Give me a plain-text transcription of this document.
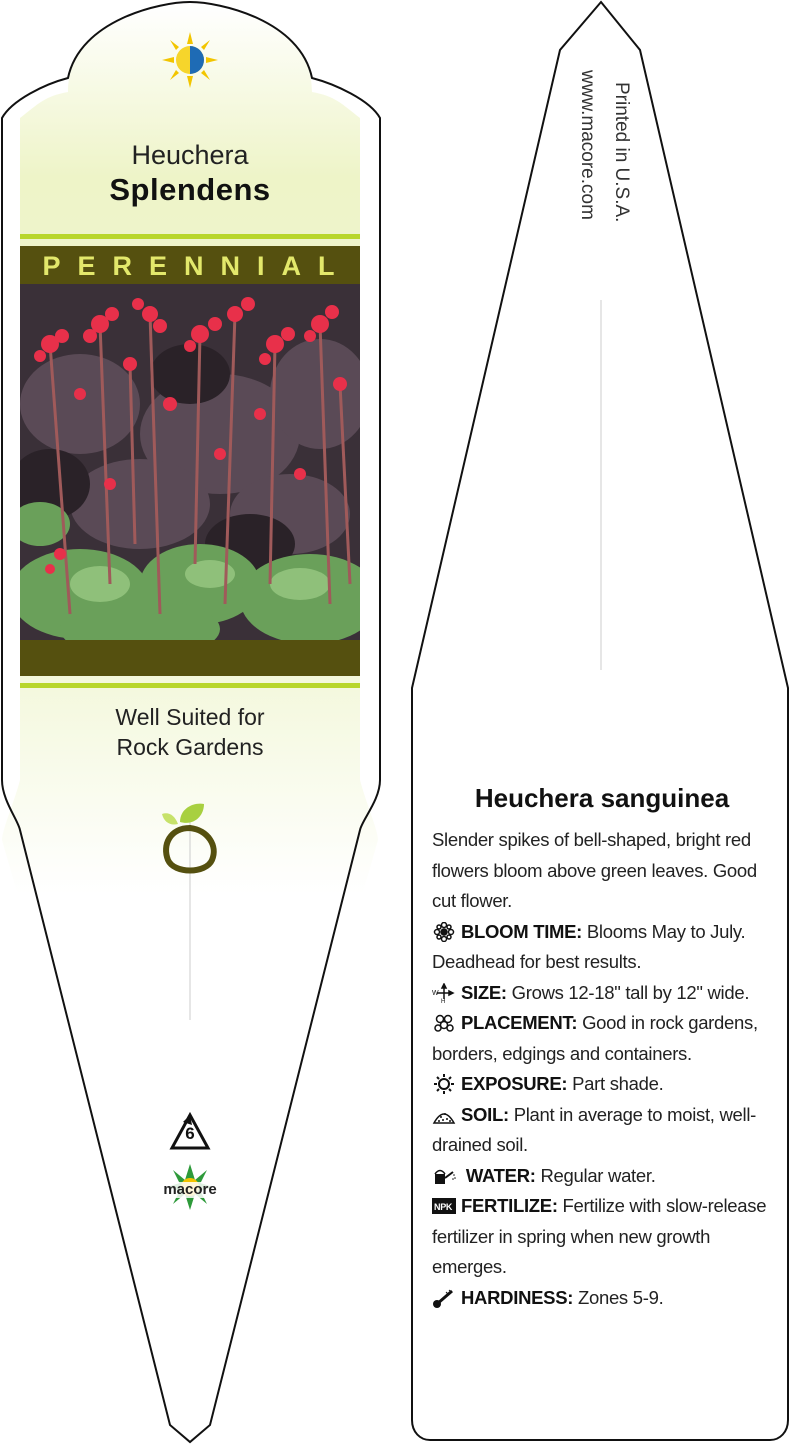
Heuchera
Splendens
PERENNIAL
Well Suited for
Rock Gardens
6
macore
Printed in U.S.A.
www.macore.com
Heuchera sanguinea

Slender spikes of bell-shaped, bright red flowers bloom above green leaves. Good cut flower.

BLOOM TIME: Blooms May to July. Deadhead for best results.

W
H SIZE: Grows 12-18" tall by 12" wide.

PLACEMENT: Good in rock gardens, borders, edgings and containers.

EXPOSURE: Part shade.

SOIL: Plant in average to moist, well-drained soil.

WATER: Regular water.

NPK FERTILIZE: Fertilize with slow-release fertilizer in spring when new growth emerges.

HARDINESS: Zones 5-9.
